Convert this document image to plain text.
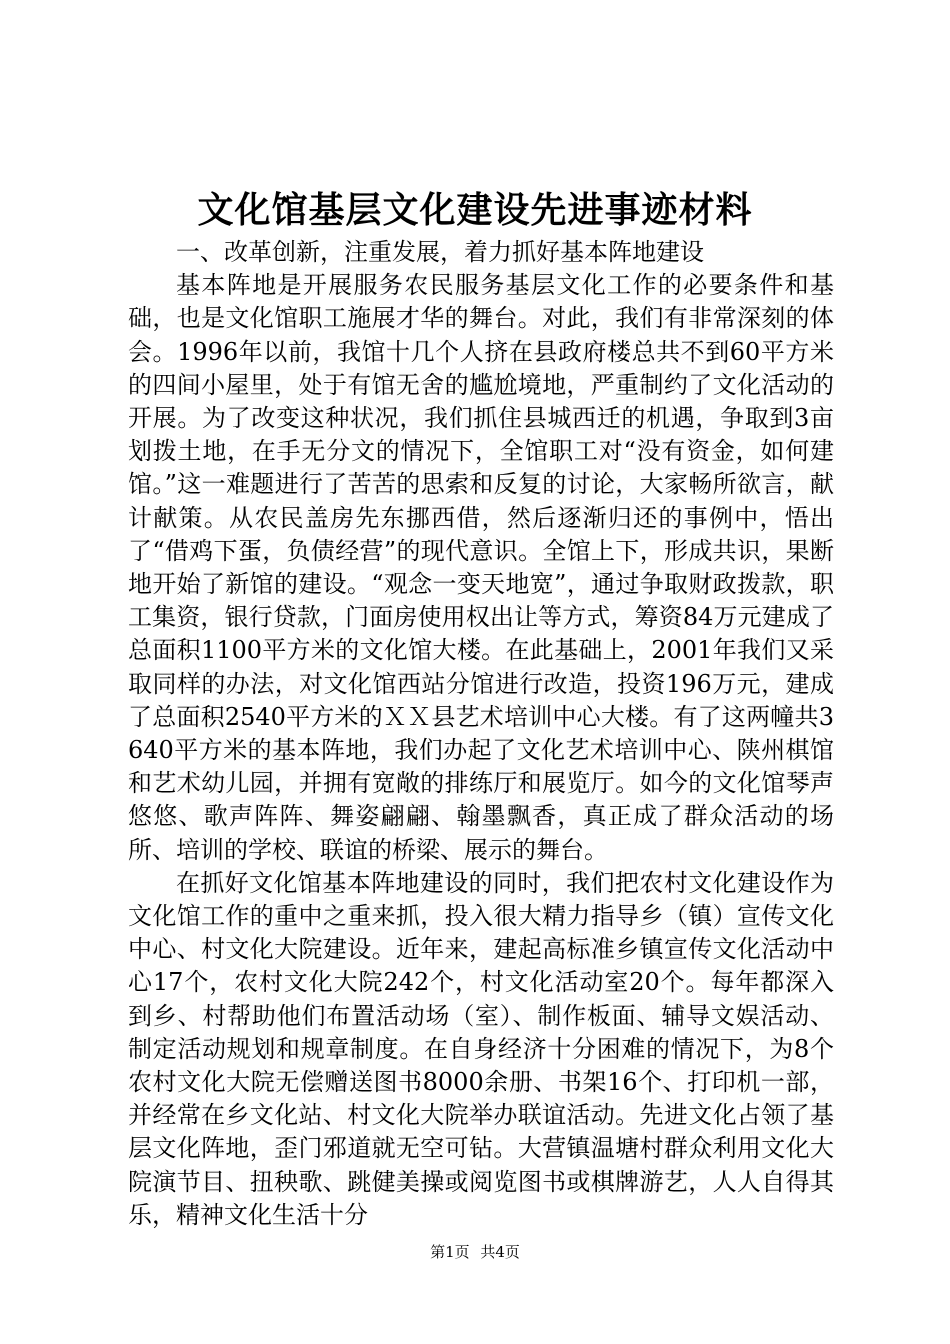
文化馆基层文化建设先进事迹材料

一、改革创新，注重发展，着力抓好基本阵地建设

基本阵地是开展服务农民服务基层文化工作的必要条件和基础，也是文化馆职工施展才华的舞台。对此，我们有非常深刻的体会。1996年以前，我馆十几个人挤在县政府楼总共不到60平方米的四间小屋里，处于有馆无舍的尴尬境地，严重制约了文化活动的开展。为了改变这种状况，我们抓住县城西迁的机遇，争取到3亩划拨土地，在手无分文的情况下，全馆职工对“没有资金，如何建馆。”这一难题进行了苦苦的思索和反复的讨论，大家畅所欲言，献计献策。从农民盖房先东挪西借，然后逐渐归还的事例中，悟出了“借鸡下蛋，负债经营”的现代意识。全馆上下，形成共识，果断地开始了新馆的建设。“观念一变天地宽”，通过争取财政拨款，职工集资，银行贷款，门面房使用权出让等方式，筹资84万元建成了总面积1100平方米的文化馆大楼。在此基础上，2001年我们又采取同样的办法，对文化馆西站分馆进行改造，投资196万元，建成了总面积2540平方米的ＸＸ县艺术培训中心大楼。有了这两幢共3640平方米的基本阵地，我们办起了文化艺术培训中心、陕州棋馆和艺术幼儿园，并拥有宽敞的排练厅和展览厅。如今的文化馆琴声悠悠、歌声阵阵、舞姿翩翩、翰墨飘香，真正成了群众活动的场所、培训的学校、联谊的桥梁、展示的舞台。

在抓好文化馆基本阵地建设的同时，我们把农村文化建设作为文化馆工作的重中之重来抓，投入很大精力指导乡（镇）宣传文化中心、村文化大院建设。近年来，建起高标准乡镇宣传文化活动中心17个，农村文化大院242个，村文化活动室20个。每年都深入到乡、村帮助他们布置活动场（室）、制作板面、辅导文娱活动、制定活动规划和规章制度。在自身经济十分困难的情况下，为8个农村文化大院无偿赠送图书8000余册、书架16个、打印机一部，并经常在乡文化站、村文化大院举办联谊活动。先进文化占领了基层文化阵地，歪门邪道就无空可钻。大营镇温塘村群众利用文化大院演节目、扭秧歌、跳健美操或阅览图书或棋牌游艺，人人自得其乐，精神文化生活十分

第1页 共4页
